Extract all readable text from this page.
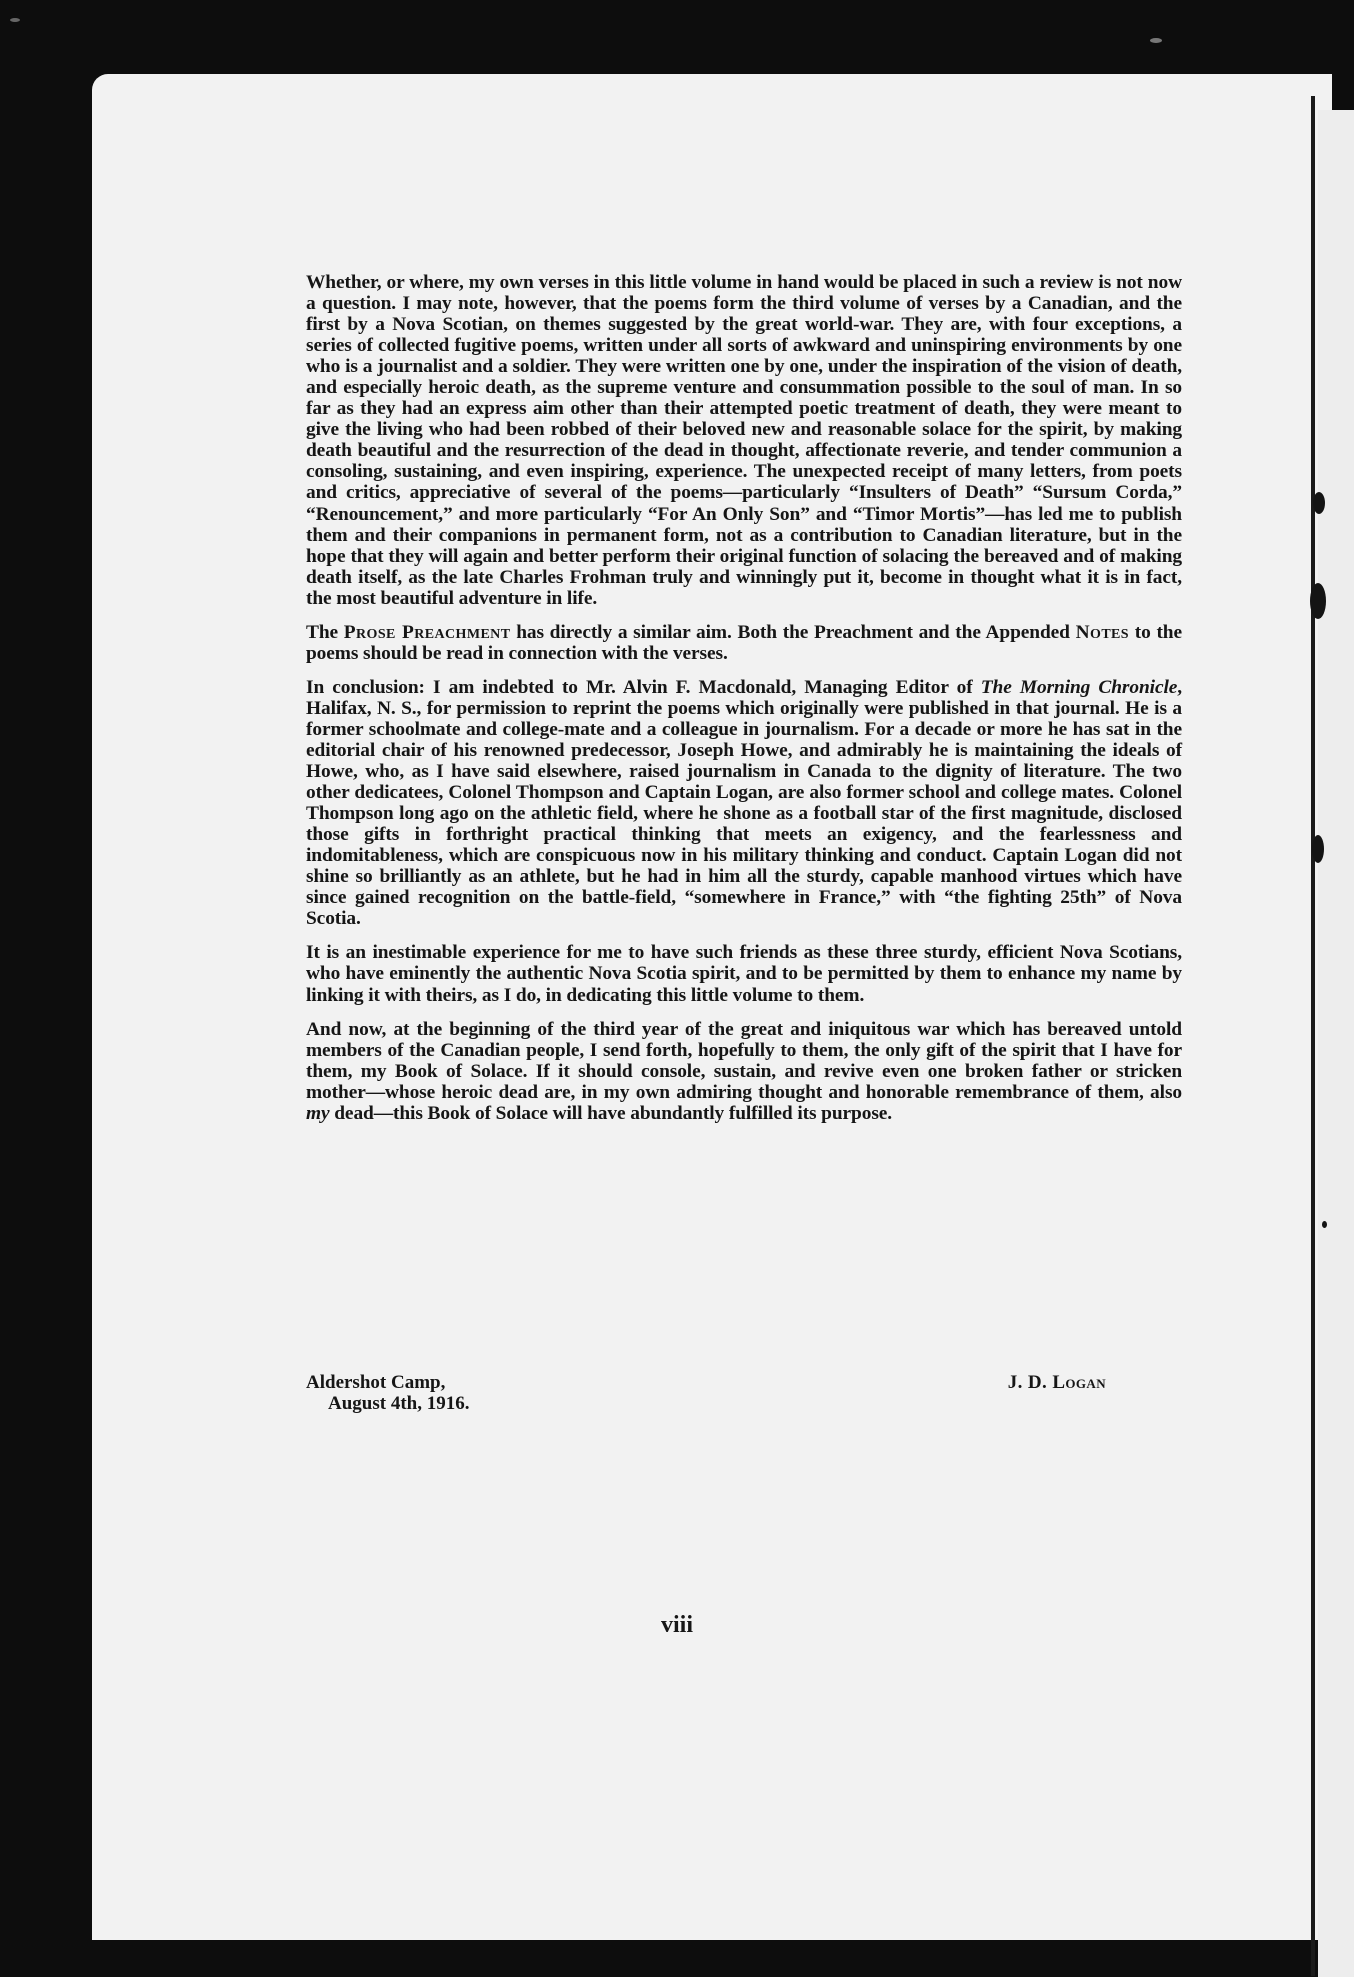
Whether, or where, my own verses in this little volume in hand would be placed in such a review is not now a question. I may note, however, that the poems form the third volume of verses by a Canadian, and the first by a Nova Scotian, on themes suggested by the great world-war. They are, with four exceptions, a series of collected fugitive poems, written under all sorts of awkward and uninspiring environments by one who is a journalist and a soldier. They were written one by one, under the inspiration of the vision of death, and especially heroic death, as the supreme venture and consummation possible to the soul of man. In so far as they had an express aim other than their attempted poetic treatment of death, they were meant to give the living who had been robbed of their beloved new and reasonable solace for the spirit, by making death beautiful and the resurrection of the dead in thought, affectionate reverie, and tender communion a consoling, sustaining, and even inspiring, experience. The unexpected receipt of many letters, from poets and critics, appreciative of several of the poems—particularly “Insulters of Death” “Sursum Corda,” “Renouncement,” and more particularly “For An Only Son” and “Timor Mortis”—has led me to publish them and their companions in permanent form, not as a contribution to Canadian literature, but in the hope that they will again and better perform their original function of solacing the bereaved and of making death itself, as the late Charles Frohman truly and winningly put it, become in thought what it is in fact, the most beautiful adventure in life.

The Prose Preachment has directly a similar aim. Both the Preachment and the Appended Notes to the poems should be read in connection with the verses.

In conclusion: I am indebted to Mr. Alvin F. Macdonald, Managing Editor of The Morning Chronicle, Halifax, N. S., for permission to reprint the poems which originally were published in that journal. He is a former schoolmate and college-mate and a colleague in journalism. For a decade or more he has sat in the editorial chair of his renowned predecessor, Joseph Howe, and admirably he is maintaining the ideals of Howe, who, as I have said elsewhere, raised journalism in Canada to the dignity of literature. The two other dedicatees, Colonel Thompson and Captain Logan, are also former school and college mates. Colonel Thompson long ago on the athletic field, where he shone as a football star of the first magnitude, disclosed those gifts in forthright practical thinking that meets an exigency, and the fearlessness and indomitableness, which are conspicuous now in his military thinking and conduct. Captain Logan did not shine so brilliantly as an athlete, but he had in him all the sturdy, capable manhood virtues which have since gained recognition on the battle-field, “somewhere in France,” with “the fighting 25th” of Nova Scotia.

It is an inestimable experience for me to have such friends as these three sturdy, efficient Nova Scotians, who have eminently the authentic Nova Scotia spirit, and to be permitted by them to enhance my name by linking it with theirs, as I do, in dedicating this little volume to them.

And now, at the beginning of the third year of the great and iniquitous war which has bereaved untold members of the Canadian people, I send forth, hopefully to them, the only gift of the spirit that I have for them, my Book of Solace. If it should console, sustain, and revive even one broken father or stricken mother—whose heroic dead are, in my own admiring thought and honorable remembrance of them, also my dead—this Book of Solace will have abundantly fulfilled its purpose.

Aldershot Camp,
August 4th, 1916.
J. D. Logan
viii
